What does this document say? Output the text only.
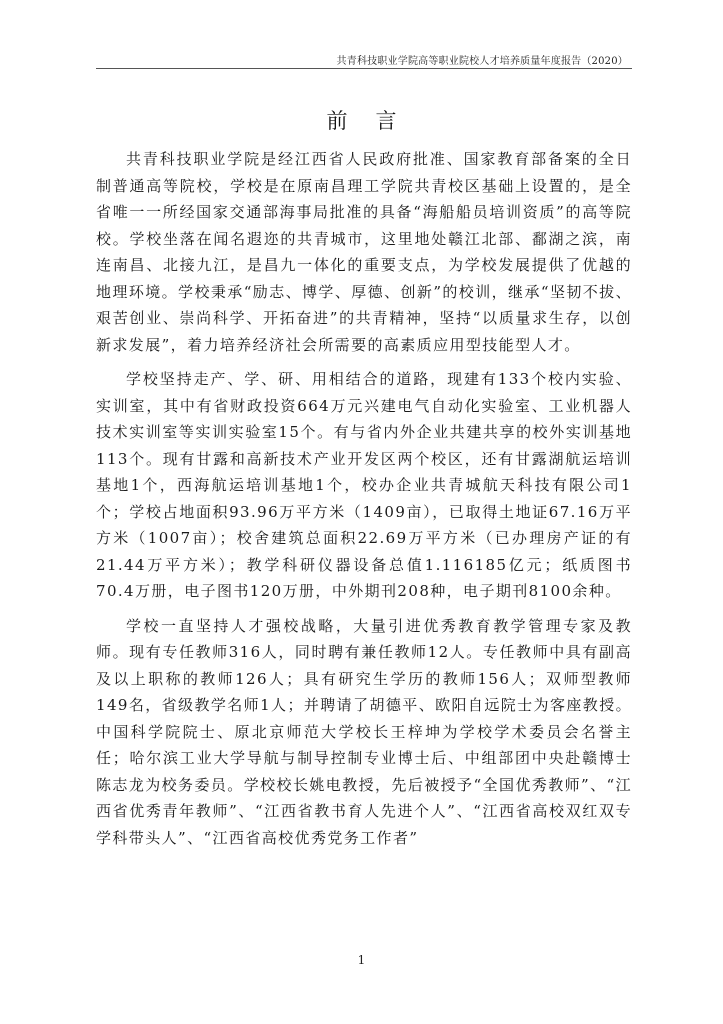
共青科技职业学院高等职业院校人才培养质量年度报告（2020）
前言

共青科技职业学院是经江西省人民政府批准、国家教育部备案的全日制普通高等院校，学校是在原南昌理工学院共青校区基础上设置的，是全省唯一一所经国家交通部海事局批准的具备“海船船员培训资质”的高等院校。学校坐落在闻名遐迩的共青城市，这里地处赣江北部、鄱湖之滨，南连南昌、北接九江，是昌九一体化的重要支点，为学校发展提供了优越的地理环境。学校秉承“励志、博学、厚德、创新”的校训，继承“坚韧不拔、艰苦创业、崇尚科学、开拓奋进”的共青精神，坚持“以质量求生存，以创新求发展”，着力培养经济社会所需要的高素质应用型技能型人才。

学校坚持走产、学、研、用相结合的道路，现建有133个校内实验、实训室，其中有省财政投资664万元兴建电气自动化实验室、工业机器人技术实训室等实训实验室15个。有与省内外企业共建共享的校外实训基地113个。现有甘露和高新技术产业开发区两个校区，还有甘露湖航运培训基地1个，西海航运培训基地1个，校办企业共青城航天科技有限公司1个；学校占地面积93.96万平方米（1409亩），已取得土地证67.16万平方米（1007亩）；校舍建筑总面积22.69万平方米（已办理房产证的有21.44万平方米）；教学科研仪器设备总值1.116185亿元；纸质图书70.4万册，电子图书120万册，中外期刊208种，电子期刊8100余种。

学校一直坚持人才强校战略，大量引进优秀教育教学管理专家及教师。现有专任教师316人，同时聘有兼任教师12人。专任教师中具有副高及以上职称的教师126人；具有研究生学历的教师156人；双师型教师149名，省级教学名师1人；并聘请了胡德平、欧阳自远院士为客座教授。中国科学院院士、原北京师范大学校长王梓坤为学校学术委员会名誉主任；哈尔滨工业大学导航与制导控制专业博士后、中组部团中央赴赣博士陈志龙为校务委员。学校校长姚电教授，先后被授予“全国优秀教师”、“江西省优秀青年教师”、“江西省教书育人先进个人”、“江西省高校双红双专学科带头人”、“江西省高校优秀党务工作者”

1
